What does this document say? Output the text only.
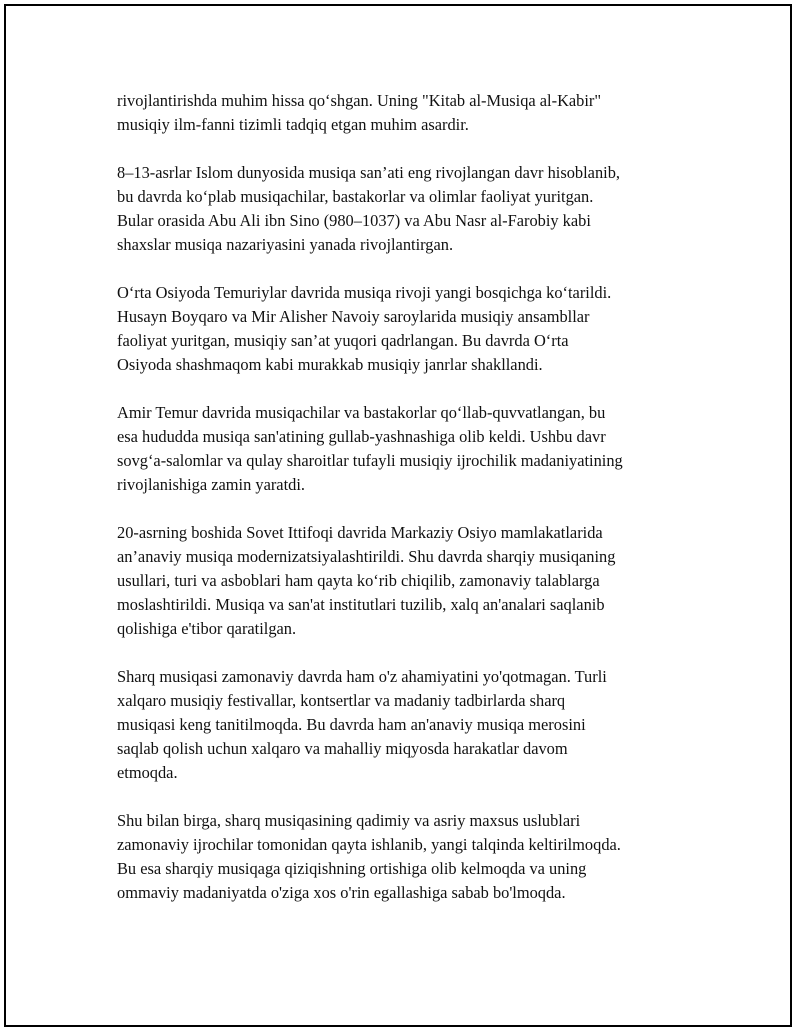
rivojlantirishda muhim hissa qo‘shgan. Uning "Kitab al-Musiqa al-Kabir"
musiqiy ilm-fanni tizimli tadqiq etgan muhim asardir.

8–13-asrlar Islom dunyosida musiqa san’ati eng rivojlangan davr hisoblanib,
bu davrda ko‘plab musiqachilar, bastakorlar va olimlar faoliyat yuritgan.
Bular orasida Abu Ali ibn Sino (980–1037) va Abu Nasr al-Farobiy kabi
shaxslar musiqa nazariyasini yanada rivojlantirgan.

O‘rta Osiyoda Temuriylar davrida musiqa rivoji yangi bosqichga ko‘tarildi.
Husayn Boyqaro va Mir Alisher Navoiy saroylarida musiqiy ansambllar
faoliyat yuritgan, musiqiy san’at yuqori qadrlangan. Bu davrda O‘rta
Osiyoda shashmaqom kabi murakkab musiqiy janrlar shakllandi.

Amir Temur davrida musiqachilar va bastakorlar qo‘llab-quvvatlangan, bu
esa hududda musiqa san'atining gullab-yashnashiga olib keldi. Ushbu davr
sovg‘a-salomlar va qulay sharoitlar tufayli musiqiy ijrochilik madaniyatining
rivojlanishiga zamin yaratdi.

20-asrning boshida Sovet Ittifoqi davrida Markaziy Osiyo mamlakatlarida
an’anaviy musiqa modernizatsiyalashtirildi. Shu davrda sharqiy musiqaning
usullari, turi va asboblari ham qayta ko‘rib chiqilib, zamonaviy talablarga
moslashtirildi. Musiqa va san'at institutlari tuzilib, xalq an'analari saqlanib
qolishiga e'tibor qaratilgan.

Sharq musiqasi zamonaviy davrda ham o'z ahamiyatini yo'qotmagan. Turli
xalqaro musiqiy festivallar, kontsertlar va madaniy tadbirlarda sharq
musiqasi keng tanitilmoqda. Bu davrda ham an'anaviy musiqa merosini
saqlab qolish uchun xalqaro va mahalliy miqyosda harakatlar davom
etmoqda.

Shu bilan birga, sharq musiqasining qadimiy va asriy maxsus uslublari
zamonaviy ijrochilar tomonidan qayta ishlanib, yangi talqinda keltirilmoqda.
Bu esa sharqiy musiqaga qiziqishning ortishiga olib kelmoqda va uning
ommaviy madaniyatda o'ziga xos o'rin egallashiga sabab bo'lmoqda.
